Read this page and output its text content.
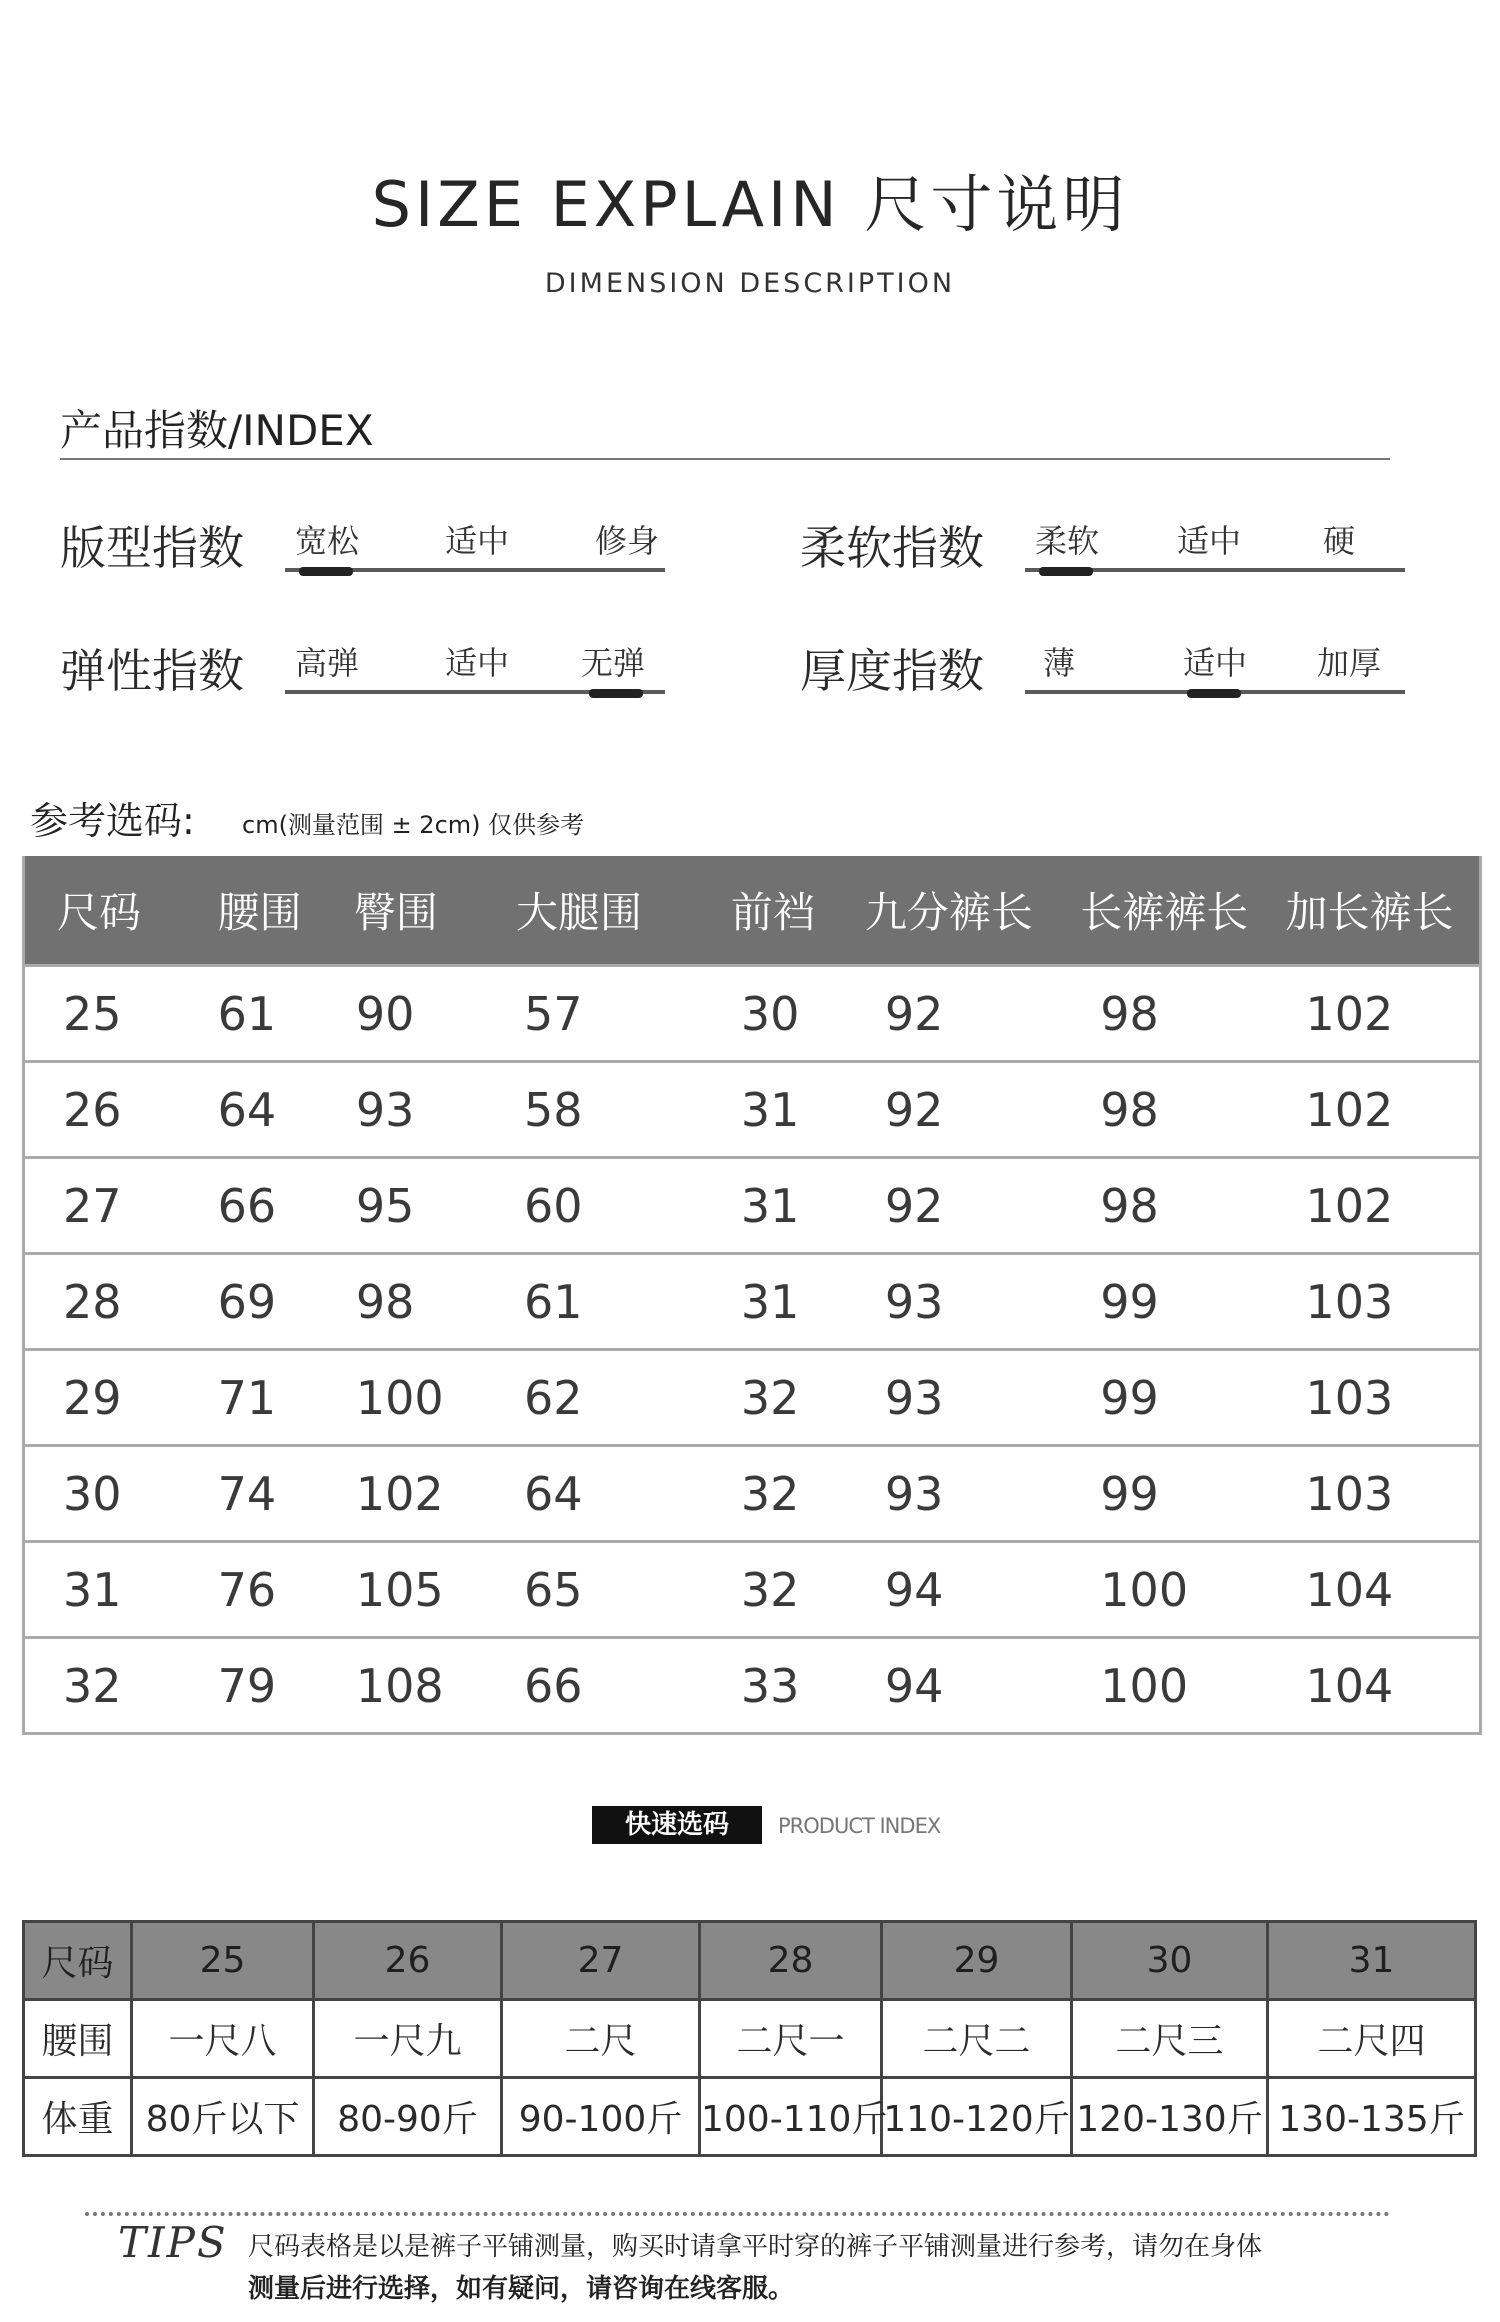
SIZE EXPLAIN 尺寸说明
DIMENSION DESCRIPTION
产品指数/INDEX
版型指数 宽松	适中	修身	柔软指数 柔软 适中	硬
弹性指数 高弹	适中 无弹	厚度指数 薄	适中 加厚
参考选码: cm(测量范围 ± 2cm) 仅供参考
尺码	腰围	臀围	大腿围	前裆	九分裤长	长裤裤长	加长裤长
25	61	90	57	30	92	98	102
26	64	93	58	31	92	98	102
27	66	95	60	31	92	98	102
28	69	98	61	31	93	99	103
29	71	100	62	32	93	99	103
30	74	102	64	32	93	99	103
31	76	105	65	32	94	100	104
32	79	108	66	33	94	100	104
快速选码	PRODUCT INDEX
尺码	25	26	27	28	29	30	31
腰围	一尺八	一尺九	二尺	二尺一	二尺二	二尺三	二尺四
体重	80斤以下	80-90斤	90-100斤	100-110斤	110-120斤	120-130斤	130-135斤
TIPS 尺码表格是以是裤子平铺测量，购买时请拿平时穿的裤子平铺测量进行参考，请勿在身体
测量后进行选择，如有疑问，请咨询在线客服。
